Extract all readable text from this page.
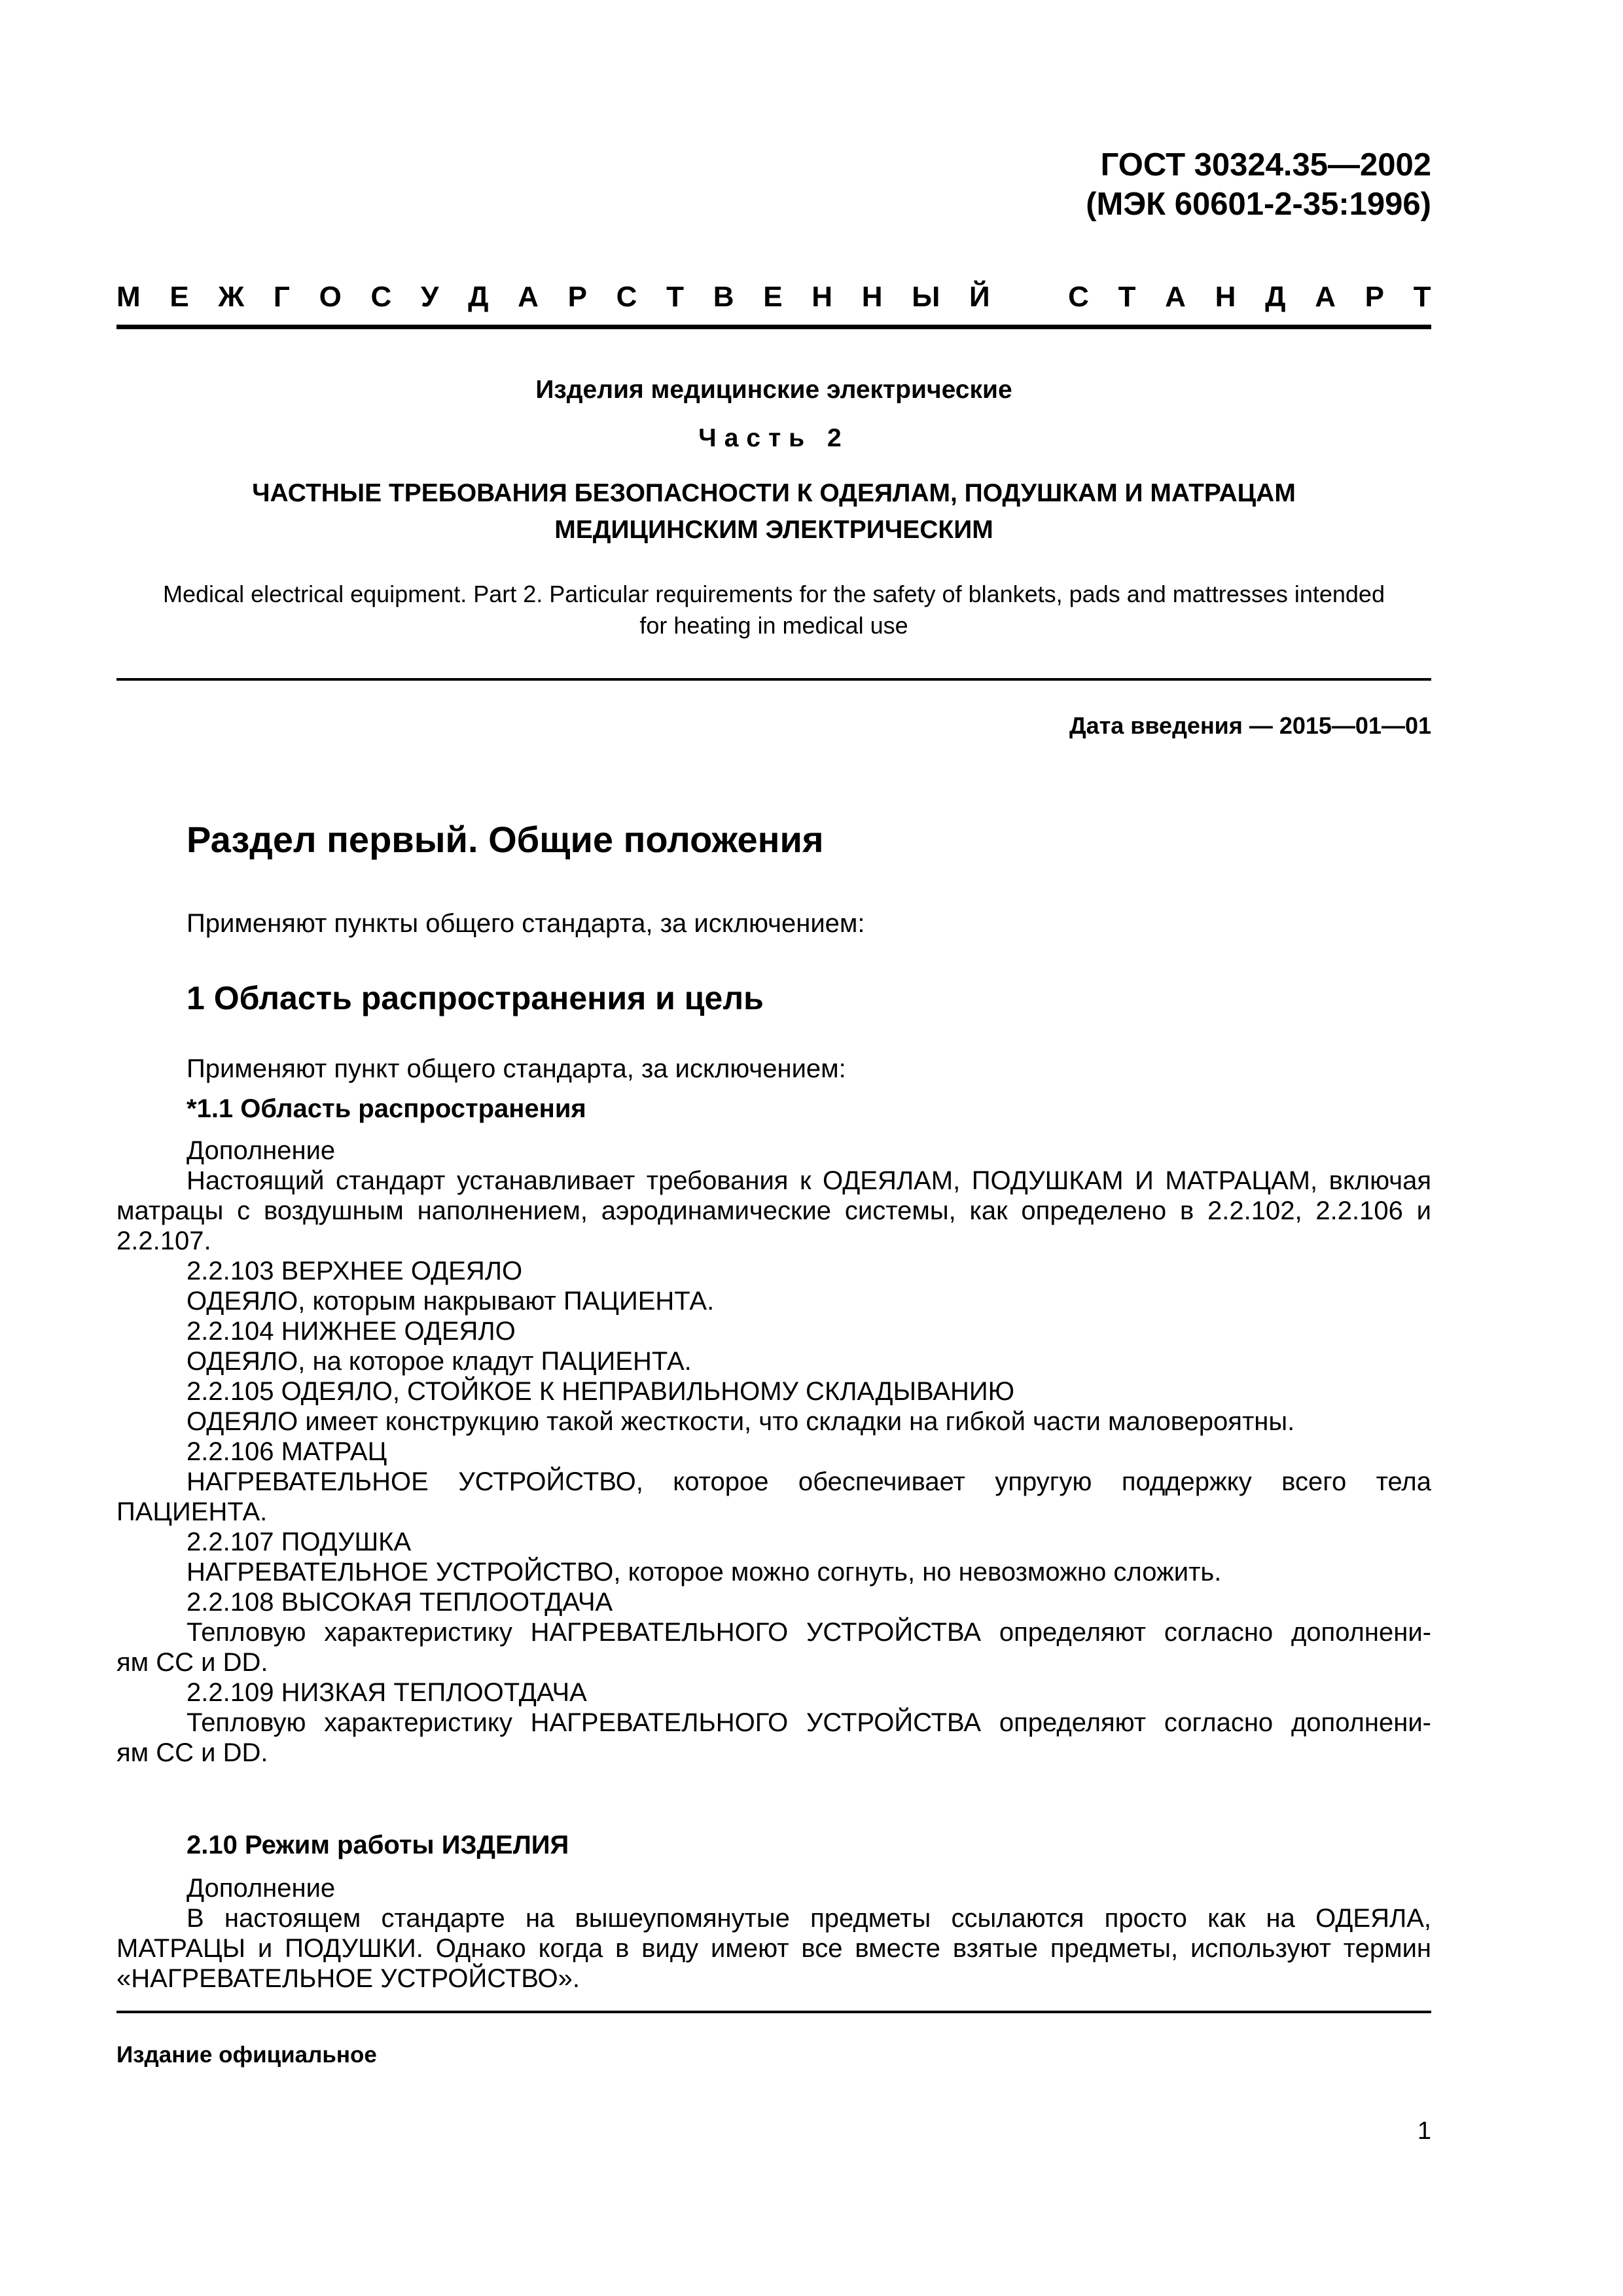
ГОСТ 30324.35—2002
(МЭК 60601-2-35:1996)
М Е Ж Г О С У Д А Р С Т В Е Н Н Ы Й	С Т А Н Д А Р Т
Изделия медицинские электрические
Часть 2
ЧАСТНЫЕ ТРЕБОВАНИЯ БЕЗОПАСНОСТИ К ОДЕЯЛАМ, ПОДУШКАМ И МАТРАЦАМ
МЕДИЦИНСКИМ ЭЛЕКТРИЧЕСКИМ
Medical electrical equipment. Part 2. Particular requirements for the safety of blankets, pads and mattresses intended
for heating in medical use
Дата введения — 2015—01—01
Раздел первый. Общие положения
Применяют пункты общего стандарта, за исключением:
1 Область распространения и цель
Применяют пункт общего стандарта, за исключением:
*1.1 Область распространения
Дополнение
Настоящий стандарт устанавливает требования к ОДЕЯЛАМ, ПОДУШКАМ И МАТРАЦАМ, включая
матрацы с воздушным наполнением, аэродинамические системы, как определено в 2.2.102, 2.2.106 и
2.2.107.
2.2.103 ВЕРХНЕЕ ОДЕЯЛО
ОДЕЯЛО, которым накрывают ПАЦИЕНТА.
2.2.104 НИЖНЕЕ ОДЕЯЛО
ОДЕЯЛО, на которое кладут ПАЦИЕНТА.
2.2.105 ОДЕЯЛО, СТОЙКОЕ К НЕПРАВИЛЬНОМУ СКЛАДЫВАНИЮ
ОДЕЯЛО имеет конструкцию такой жесткости, что складки на гибкой части маловероятны.
2.2.106 МАТРАЦ
НАГРЕВАТЕЛЬНОЕ УСТРОЙСТВО, которое обеспечивает упругую поддержку всего тела
ПАЦИЕНТА.
2.2.107 ПОДУШКА
НАГРЕВАТЕЛЬНОЕ УСТРОЙСТВО, которое можно согнуть, но невозможно сложить.
2.2.108 ВЫСОКАЯ ТЕПЛООТДАЧА
Тепловую характеристику НАГРЕВАТЕЛЬНОГО УСТРОЙСТВА определяют согласно дополнени-
ям CC и DD.
2.2.109 НИЗКАЯ ТЕПЛООТДАЧА
Тепловую характеристику НАГРЕВАТЕЛЬНОГО УСТРОЙСТВА определяют согласно дополнени-
ям CC и DD.
2.10 Режим работы ИЗДЕЛИЯ
Дополнение
В настоящем стандарте на вышеупомянутые предметы ссылаются просто как на ОДЕЯЛА,
МАТРАЦЫ и ПОДУШКИ. Однако когда в виду имеют все вместе взятые предметы, используют термин
«НАГРЕВАТЕЛЬНОЕ УСТРОЙСТВО».
Издание официальное
1
